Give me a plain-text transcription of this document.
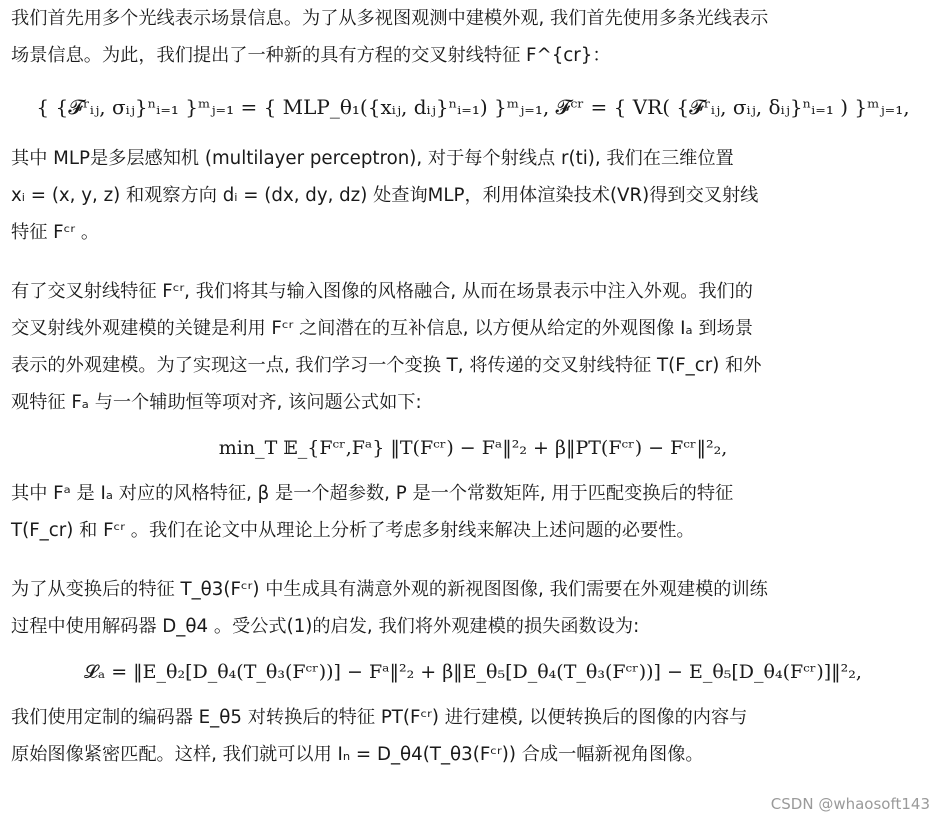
我们首先用多个光线表示场景信息。为了从多视图观测中建模外观, 我们首先使用多条光线表示

场景信息。为此，我们提出了一种新的具有方程的交叉射线特征 F^{cr}：

{ {𝓕ʳᵢⱼ, σᵢⱼ}ⁿᵢ₌₁ }ᵐⱼ₌₁ = { MLP_θ₁({xᵢⱼ, dᵢⱼ}ⁿᵢ₌₁) }ᵐⱼ₌₁, 𝓕ᶜʳ = { VR( {𝓕ʳᵢⱼ, σᵢⱼ, δᵢⱼ}ⁿᵢ₌₁ ) }ᵐⱼ₌₁,

其中 MLP是多层感知机 (multilayer perceptron), 对于每个射线点 r(ti), 我们在三维位置

xᵢ = (x, y, z) 和观察方向 dᵢ = (dx, dy, dz) 处查询MLP，利用体渲染技术(VR)得到交叉射线

特征 Fᶜʳ 。

有了交叉射线特征 Fᶜʳ, 我们将其与输入图像的风格融合, 从而在场景表示中注入外观。我们的

交叉射线外观建模的关键是利用 Fᶜʳ 之间潜在的互补信息, 以方便从给定的外观图像 Iₐ 到场景

表示的外观建模。为了实现这一点, 我们学习一个变换 T, 将传递的交叉射线特征 T(F_cr) 和外

观特征 Fₐ 与一个辅助恒等项对齐, 该问题公式如下:

min_T 𝔼_{Fᶜʳ,Fᵃ} ‖T(Fᶜʳ) − Fᵃ‖²₂ + β‖PT(Fᶜʳ) − Fᶜʳ‖²₂,

其中 Fᵃ 是 Iₐ 对应的风格特征, β 是一个超参数, P 是一个常数矩阵, 用于匹配变换后的特征

T(F_cr) 和 Fᶜʳ 。我们在论文中从理论上分析了考虑多射线来解决上述问题的必要性。

为了从变换后的特征 T_θ3(Fᶜʳ) 中生成具有满意外观的新视图图像, 我们需要在外观建模的训练

过程中使用解码器 D_θ4 。受公式(1)的启发, 我们将外观建模的损失函数设为:

𝓛ₐ = ‖E_θ₂[D_θ₄(T_θ₃(Fᶜʳ))] − Fᵃ‖²₂ + β‖E_θ₅[D_θ₄(T_θ₃(Fᶜʳ))] − E_θ₅[D_θ₄(Fᶜʳ)]‖²₂,

我们使用定制的编码器 E_θ5 对转换后的特征 PT(Fᶜʳ) 进行建模, 以便转换后的图像的内容与

原始图像紧密匹配。这样, 我们就可以用 Iₙ = D_θ4(T_θ3(Fᶜʳ)) 合成一幅新视角图像。

CSDN @whaosoft143
